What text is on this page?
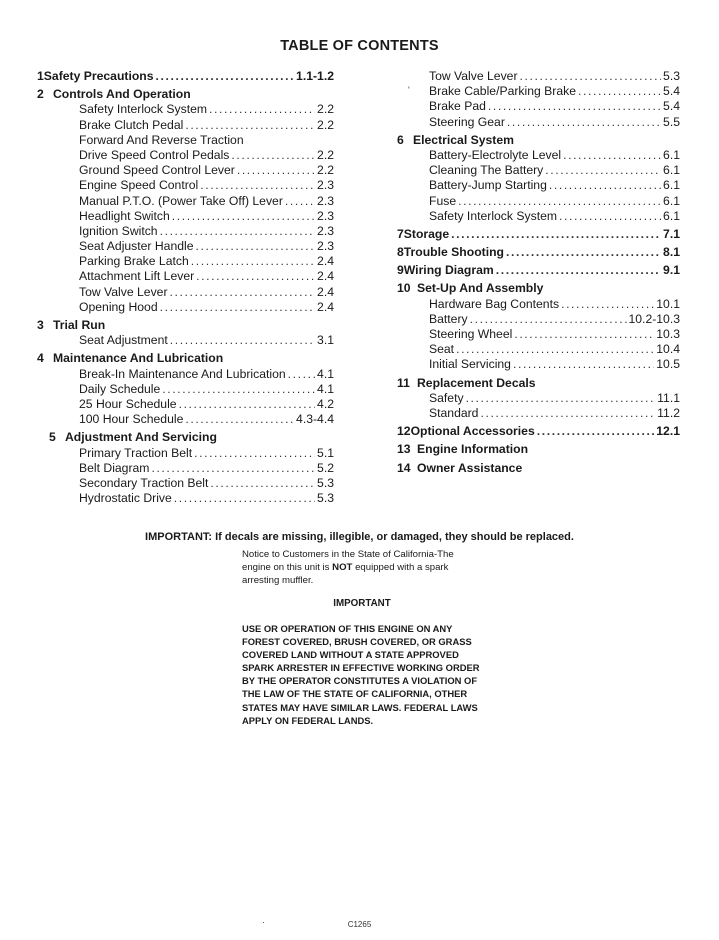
TABLE OF CONTENTS
1 Safety Precautions .....	1.1-1.2
2 Controls And Operation
Safety Interlock System .....	2.2
Brake Clutch Pedal .....	2.2
Forward And Reverse Traction
Drive Speed Control Pedals .....	2.2
Ground Speed Control Lever .....	2.2
Engine Speed Control .....	2.3
Manual P.T.O. (Power Take Off) Lever .....	2.3
Headlight Switch .....	2.3
Ignition Switch .....	2.3
Seat Adjuster Handle .....	2.3
Parking Brake Latch .....	2.4
Attachment Lift Lever .....	2.4
Tow Valve Lever .....	2.4
Opening Hood .....	2.4
3 Trial Run
Seat Adjustment .....	3.1
4 Maintenance And Lubrication
Break-In Maintenance And Lubrication .....	4.1
Daily Schedule .....	4.1
25 Hour Schedule .....	4.2
100 Hour Schedule .....	4.3-4.4
5 Adjustment And Servicing
Primary Traction Belt .....	5.1
Belt Diagram .....	5.2
Secondary Traction Belt .....	5.3
Hydrostatic Drive .....	5.3
Tow Valve Lever .....	5.3
Brake Cable/Parking Brake .....	5.4
Brake Pad .....	5.4
Steering Gear .....	5.5
6 Electrical System
Battery-Electrolyte Level .....	6.1
Cleaning The Battery .....	6.1
Battery-Jump Starting .....	6.1
Fuse .....	6.1
Safety Interlock System .....	6.1
7 Storage .....	7.1
8 Trouble Shooting .....	8.1
9 Wiring Diagram .....	9.1
10 Set-Up And Assembly
Hardware Bag Contents .....	10.1
Battery .....	10.2-10.3
Steering Wheel .....	10.3
Seat .....	10.4
Initial Servicing .....	10.5
11 Replacement Decals
Safety .....	11.1
Standard .....	11.2
12 Optional Accessories .....	12.1
13 Engine Information
14 Owner Assistance
IMPORTANT: If decals are missing, illegible, or damaged, they should be replaced.
Notice to Customers in the State of California-The engine on this unit is NOT equipped with a spark arresting muffler.
IMPORTANT
USE OR OPERATION OF THIS ENGINE ON ANY FOREST COVERED, BRUSH COVERED, OR GRASS COVERED LAND WITHOUT A STATE APPROVED SPARK ARRESTER IN EFFECTIVE WORKING ORDER BY THE OPERATOR CONSTITUTES A VIOLATION OF THE LAW OF THE STATE OF CALIFORNIA, OTHER STATES MAY HAVE SIMILAR LAWS. FEDERAL LAWS APPLY ON FEDERAL LANDS.
C1265
'
·
